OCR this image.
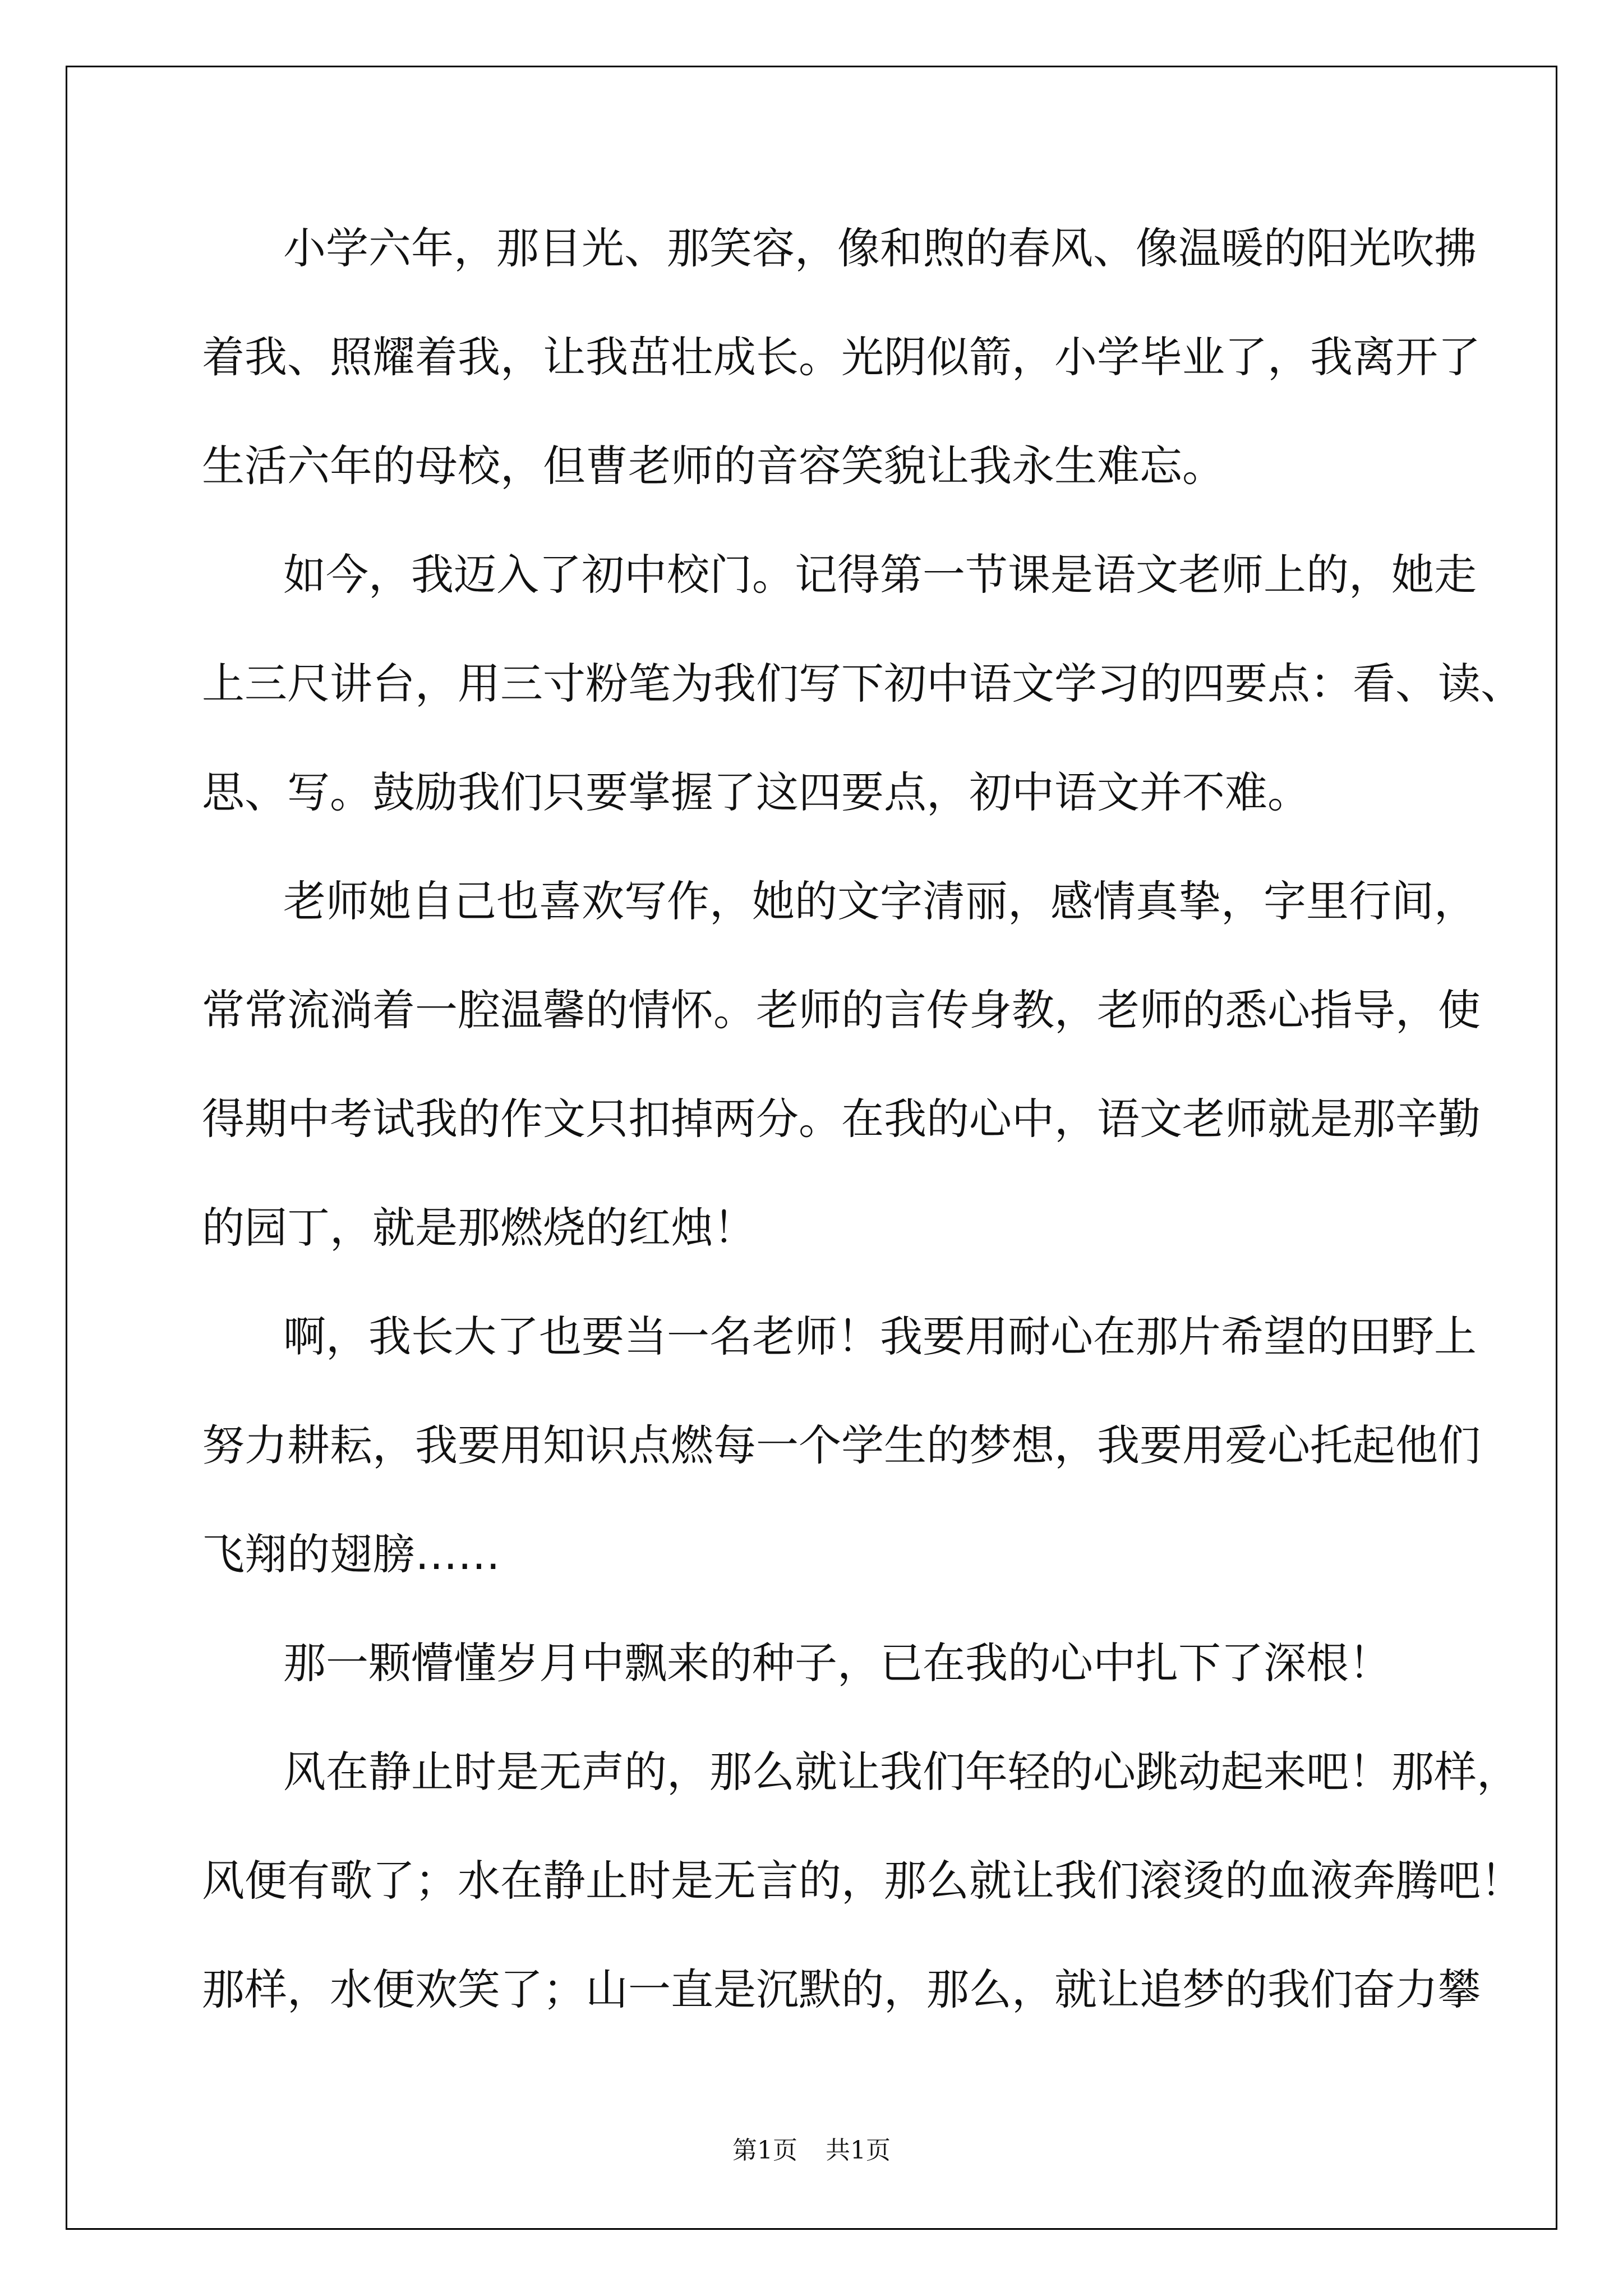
小学六年，那目光、那笑容，像和煦的春风、像温暖的阳光吹拂

着我、照耀着我，让我茁壮成长。光阴似箭，小学毕业了，我离开了

生活六年的母校，但曹老师的音容笑貌让我永生难忘。

如今，我迈入了初中校门。记得第一节课是语文老师上的，她走

上三尺讲台，用三寸粉笔为我们写下初中语文学习的四要点：看、读、

思、写。鼓励我们只要掌握了这四要点，初中语文并不难。

老师她自己也喜欢写作，她的文字清丽，感情真挚，字里行间，

常常流淌着一腔温馨的情怀。老师的言传身教，老师的悉心指导，使

得期中考试我的作文只扣掉两分。在我的心中，语文老师就是那辛勤

的园丁，就是那燃烧的红烛！

啊，我长大了也要当一名老师！我要用耐心在那片希望的田野上

努力耕耘，我要用知识点燃每一个学生的梦想，我要用爱心托起他们

飞翔的翅膀……

那一颗懵懂岁月中飘来的种子，已在我的心中扎下了深根！

风在静止时是无声的，那么就让我们年轻的心跳动起来吧！那样，

风便有歌了；水在静止时是无言的，那么就让我们滚烫的血液奔腾吧！

那样，水便欢笑了；山一直是沉默的，那么，就让追梦的我们奋力攀

第1页 共1页
